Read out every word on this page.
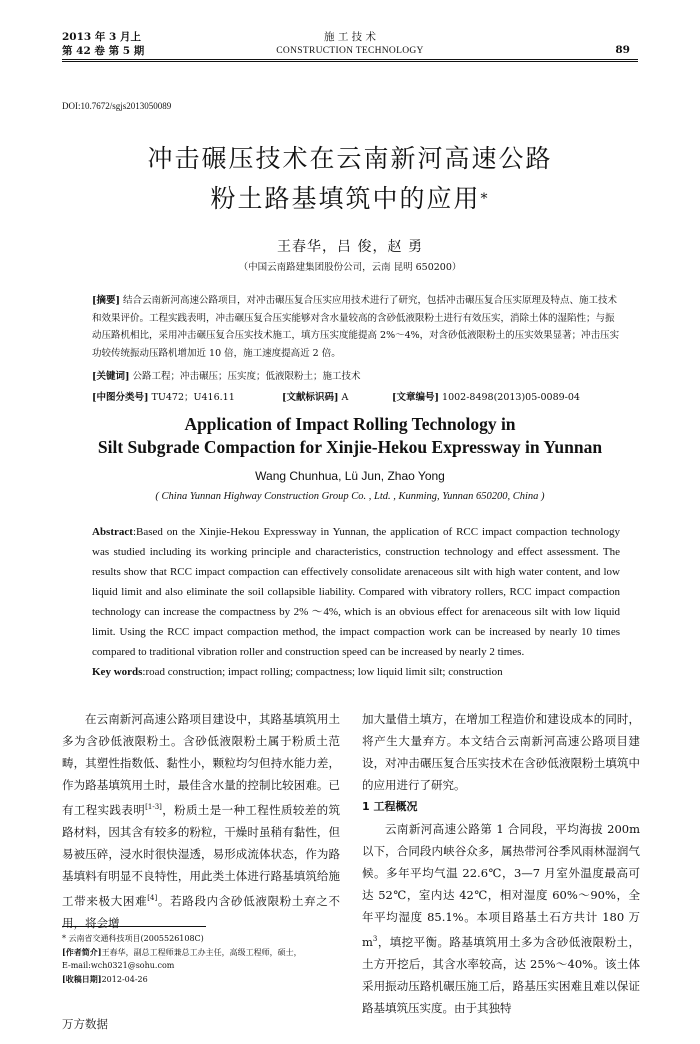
2013 年 3 月上
第 42 卷 第 5 期
施 工 技 术
CONSTRUCTION TECHNOLOGY	89
DOI:10.7672/sgjs2013050089
冲击碾压技术在云南新河高速公路
粉土路基填筑中的应用*
王春华，吕 俊，赵 勇
（中国云南路建集团股份公司，云南 昆明 650200）
[摘要] 结合云南新河高速公路项目，对冲击碾压复合压实应用技术进行了研究，包括冲击碾压复合压实原理及特点、施工技术和效果评价。工程实践表明，冲击碾压复合压实能够对含水量较高的含砂低液限粉土进行有效压实，消除土体的湿陷性；与振动压路机相比，采用冲击碾压复合压实技术施工，填方压实度能提高 2%～4%，对含砂低液限粉土的压实效果显著；冲击压实功较传统振动压路机增加近 10 倍，施工速度提高近 2 倍。
[关键词] 公路工程；冲击碾压；压实度；低液限粉土；施工技术
[中图分类号] TU472；U416.11	[文献标识码] A	[文章编号] 1002-8498(2013)05-0089-04
Application of Impact Rolling Technology in
Silt Subgrade Compaction for Xinjie-Hekou Expressway in Yunnan
Wang Chunhua, Lü Jun, Zhao Yong
( China Yunnan Highway Construction Group Co. , Ltd. , Kunming, Yunnan 650200, China )
Abstract:Based on the Xinjie-Hekou Expressway in Yunnan, the application of RCC impact compaction technology was studied including its working principle and characteristics, construction technology and effect assessment. The results show that RCC impact compaction can effectively consolidate arenaceous silt with high water content, and low liquid limit and also eliminate the soil collapsible liability. Compared with vibratory rollers, RCC impact compaction technology can increase the compactness by 2% ～4%, which is an obvious effect for arenaceous silt with low liquid limit. Using the RCC impact compaction method, the impact compaction work can be increased by nearly 10 times compared to traditional vibration roller and construction speed can be increased by nearly 2 times.
Key words:road construction; impact rolling; compactness; low liquid limit silt; construction

在云南新河高速公路项目建设中，其路基填筑用土多为含砂低液限粉土。含砂低液限粉土属于粉质土范畴，其塑性指数低、黏性小，颗粒均匀但持水能力差，作为路基填筑用土时，最佳含水量的控制比较困难。已有工程实践表明[1-3]，粉质土是一种工程性质较差的筑路材料，因其含有较多的粉粒，干燥时虽稍有黏性，但易被压碎，浸水时很快湿透，易形成流体状态，作为路基填料有明显不良特性，用此类土体进行路基填筑给施工带来极大困难[4]。若路段内含砂低液限粉土弃之不用，将会增

加大量借土填方，在增加工程造价和建设成本的同时，将产生大量弃方。本文结合云南新河高速公路项目建设，对冲击碾压复合压实技术在含砂低液限粉土填筑中的应用进行了研究。

1 工程概况

云南新河高速公路第 1 合同段，平均海拔 200m 以下，合同段内峡谷众多，属热带河谷季风雨林湿润气候。多年平均气温 22.6℃，3—7 月室外温度最高可达 52℃，室内达 42℃，相对湿度 60%～90%，全年平均湿度 85.1%。本项目路基土石方共计 180 万 $m^3$，填挖平衡。路基填筑用土多为含砂低液限粉土，土方开挖后，其含水率较高，达 25%～40%。该土体采用振动压路机碾压施工后，路基压实困难且难以保证路基填筑压实度。由于其独特

* 云南省交通科技项目(2005526108C)
[作者简介]王春华，副总工程师兼总工办主任，高级工程师，硕士，
E-mail:wch0321@sohu.com
[收稿日期]2012-04-26
万方数据
